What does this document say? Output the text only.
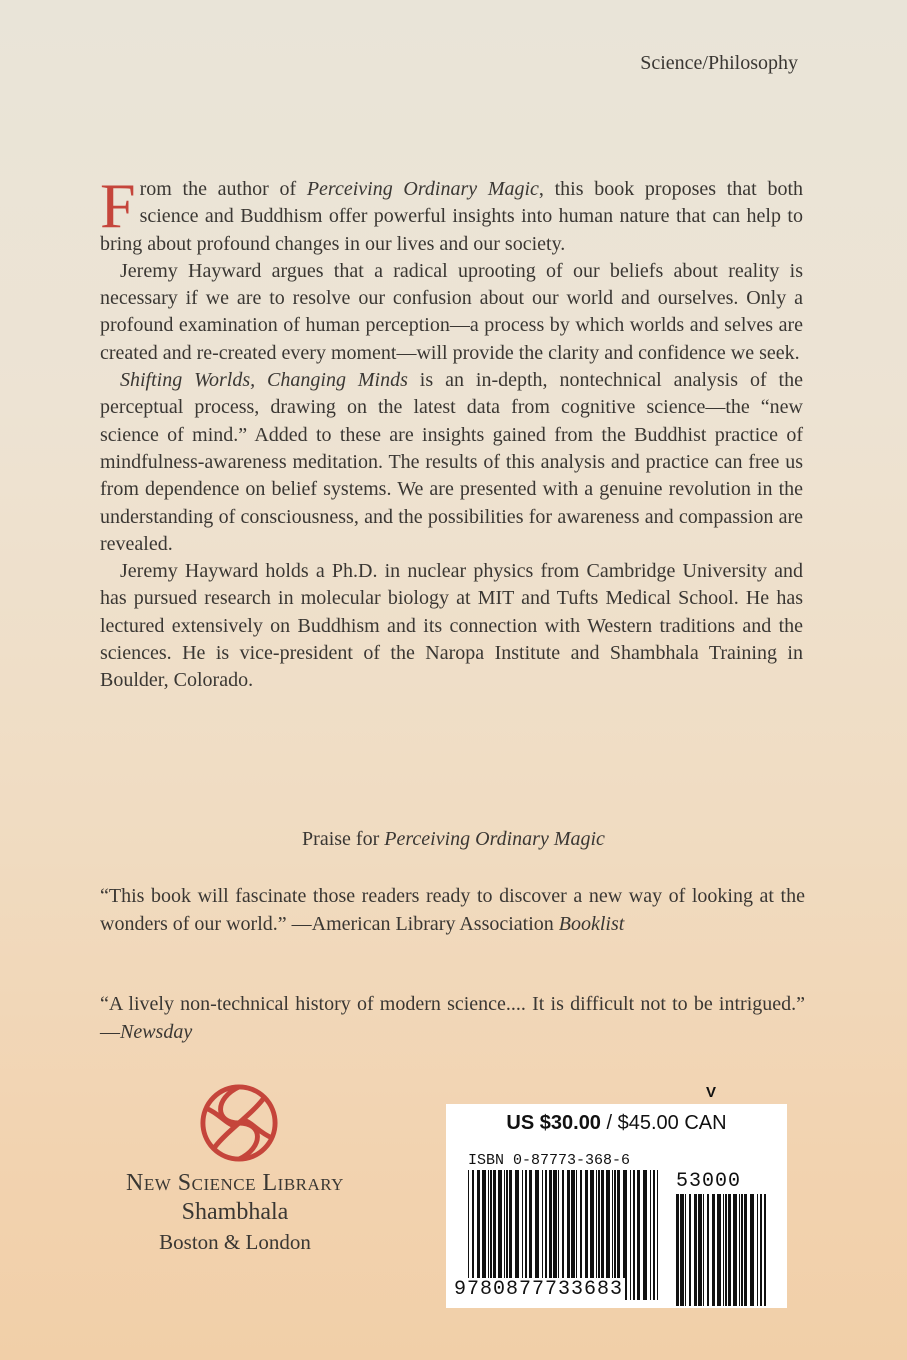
Science/Philosophy

From the author of Perceiving Ordinary Magic, this book proposes that both science and Buddhism offer powerful insights into human nature that can help to bring about profound changes in our lives and our society.

Jeremy Hayward argues that a radical uprooting of our beliefs about reality is necessary if we are to resolve our confusion about our world and ourselves. Only a profound examination of human perception—a process by which worlds and selves are created and re-created every moment—will provide the clarity and confidence we seek.

Shifting Worlds, Changing Minds is an in-depth, nontechnical analysis of the perceptual process, drawing on the latest data from cognitive science—the “new science of mind.” Added to these are insights gained from the Buddhist practice of mindfulness-awareness meditation. The results of this analysis and practice can free us from dependence on belief systems. We are presented with a genuine revolution in the understanding of consciousness, and the possibilities for awareness and compassion are revealed.

Jeremy Hayward holds a Ph.D. in nuclear physics from Cambridge University and has pursued research in molecular biology at MIT and Tufts Medical School. He has lectured extensively on Buddhism and its connection with Western traditions and the sciences. He is vice-president of the Naropa Institute and Shambhala Training in Boulder, Colorado.

Praise for Perceiving Ordinary Magic
“This book will fascinate those readers ready to discover a new way of looking at the wonders of our world.” —American Library Association Booklist
“A lively non-technical history of modern science.... It is difficult not to be intrigued.” —Newsday
New Science Library
Shambhala
Boston & London
V
US $30.00 / $45.00 CAN
ISBN 0-87773-368-6
53000
9780877733683
